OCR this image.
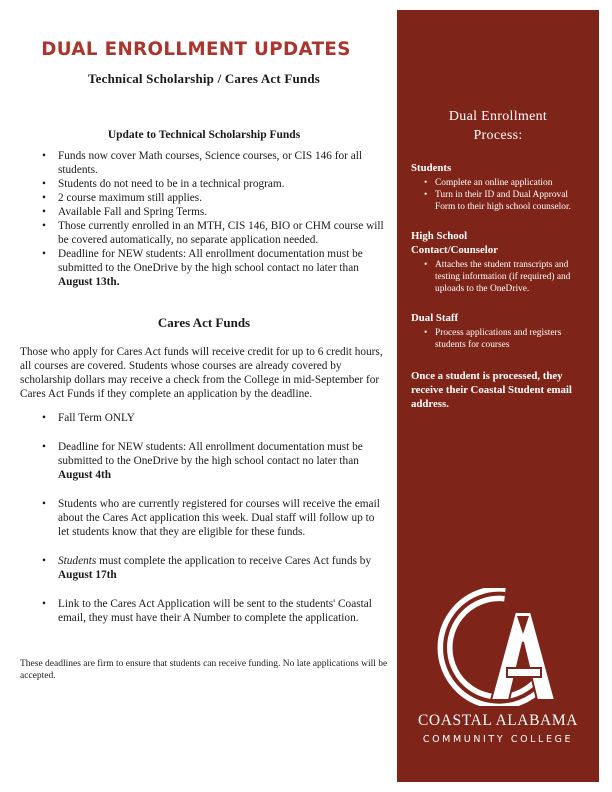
DUAL ENROLLMENT UPDATES

Technical Scholarship / Cares Act Funds

Update to Technical Scholarship Funds

• Funds now cover Math courses, Science courses, or CIS 146 for all students.
• Students do not need to be in a technical program.
• 2 course maximum still applies.
• Available Fall and Spring Terms.
• Those currently enrolled in an MTH, CIS 146, BIO or CHM course will be covered automatically, no separate application needed.
• Deadline for NEW students: All enrollment documentation must be submitted to the OneDrive by the high school contact no later than August 13th.

Cares Act Funds

Those who apply for Cares Act funds will receive credit for up to 6 credit hours, all courses are covered. Students whose courses are already covered by scholarship dollars may receive a check from the College in mid-September for Cares Act Funds if they complete an application by the deadline.

• Fall Term ONLY
• Deadline for NEW students: All enrollment documentation must be submitted to the OneDrive by the high school contact no later than August 4th
• Students who are currently registered for courses will receive the email about the Cares Act application this week. Dual staff will follow up to let students know that they are eligible for these funds.
• Students must complete the application to receive Cares Act funds by August 17th
• Link to the Cares Act Application will be sent to the students' Coastal email, they must have their A Number to complete the application.

These deadlines are firm to ensure that students can receive funding. No late applications will be accepted.

Dual Enrollment
Process:
Students
• Complete an online application
• Turn in their ID and Dual Approval Form to their high school counselor.
High School
Contact/Counselor
• Attaches the student transcripts and testing information (if required) and uploads to the OneDrive.
Dual Staff
• Process applications and registers students for courses
Once a student is processed, they receive their Coastal Student email address.
COASTAL ALABAMA
COMMUNITY COLLEGE
